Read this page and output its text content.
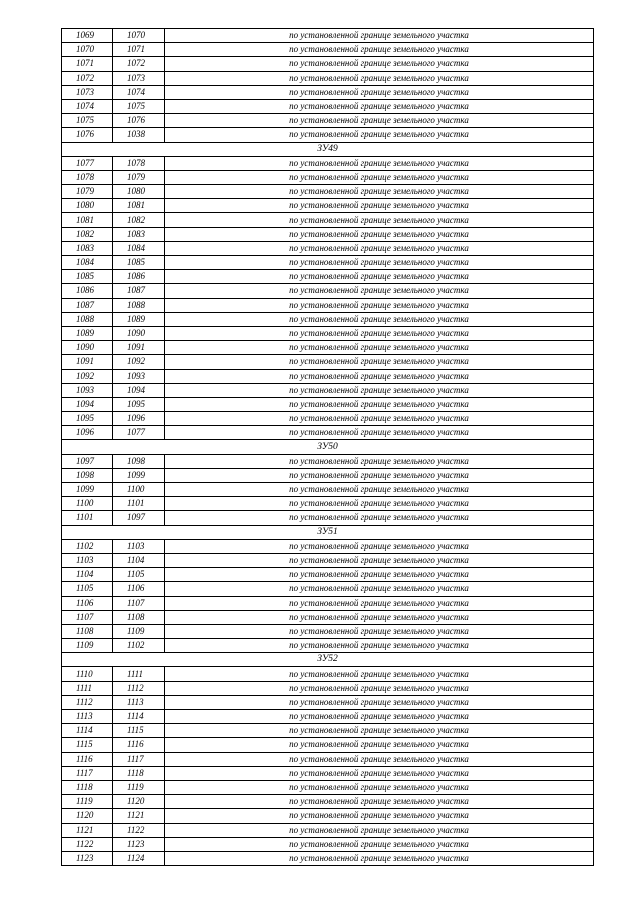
1069	1070	по установленной границе земельного участка
1070	1071	по установленной границе земельного участка
1071	1072	по установленной границе земельного участка
1072	1073	по установленной границе земельного участка
1073	1074	по установленной границе земельного участка
1074	1075	по установленной границе земельного участка
1075	1076	по установленной границе земельного участка
1076	1038	по установленной границе земельного участка
ЗУ49		
1077	1078	по установленной границе земельного участка
1078	1079	по установленной границе земельного участка
1079	1080	по установленной границе земельного участка
1080	1081	по установленной границе земельного участка
1081	1082	по установленной границе земельного участка
1082	1083	по установленной границе земельного участка
1083	1084	по установленной границе земельного участка
1084	1085	по установленной границе земельного участка
1085	1086	по установленной границе земельного участка
1086	1087	по установленной границе земельного участка
1087	1088	по установленной границе земельного участка
1088	1089	по установленной границе земельного участка
1089	1090	по установленной границе земельного участка
1090	1091	по установленной границе земельного участка
1091	1092	по установленной границе земельного участка
1092	1093	по установленной границе земельного участка
1093	1094	по установленной границе земельного участка
1094	1095	по установленной границе земельного участка
1095	1096	по установленной границе земельного участка
1096	1077	по установленной границе земельного участка
ЗУ50		
1097	1098	по установленной границе земельного участка
1098	1099	по установленной границе земельного участка
1099	1100	по установленной границе земельного участка
1100	1101	по установленной границе земельного участка
1101	1097	по установленной границе земельного участка
ЗУ51		
1102	1103	по установленной границе земельного участка
1103	1104	по установленной границе земельного участка
1104	1105	по установленной границе земельного участка
1105	1106	по установленной границе земельного участка
1106	1107	по установленной границе земельного участка
1107	1108	по установленной границе земельного участка
1108	1109	по установленной границе земельного участка
1109	1102	по установленной границе земельного участка
ЗУ52		
1110	1111	по установленной границе земельного участка
1111	1112	по установленной границе земельного участка
1112	1113	по установленной границе земельного участка
1113	1114	по установленной границе земельного участка
1114	1115	по установленной границе земельного участка
1115	1116	по установленной границе земельного участка
1116	1117	по установленной границе земельного участка
1117	1118	по установленной границе земельного участка
1118	1119	по установленной границе земельного участка
1119	1120	по установленной границе земельного участка
1120	1121	по установленной границе земельного участка
1121	1122	по установленной границе земельного участка
1122	1123	по установленной границе земельного участка
1123	1124	по установленной границе земельного участка
